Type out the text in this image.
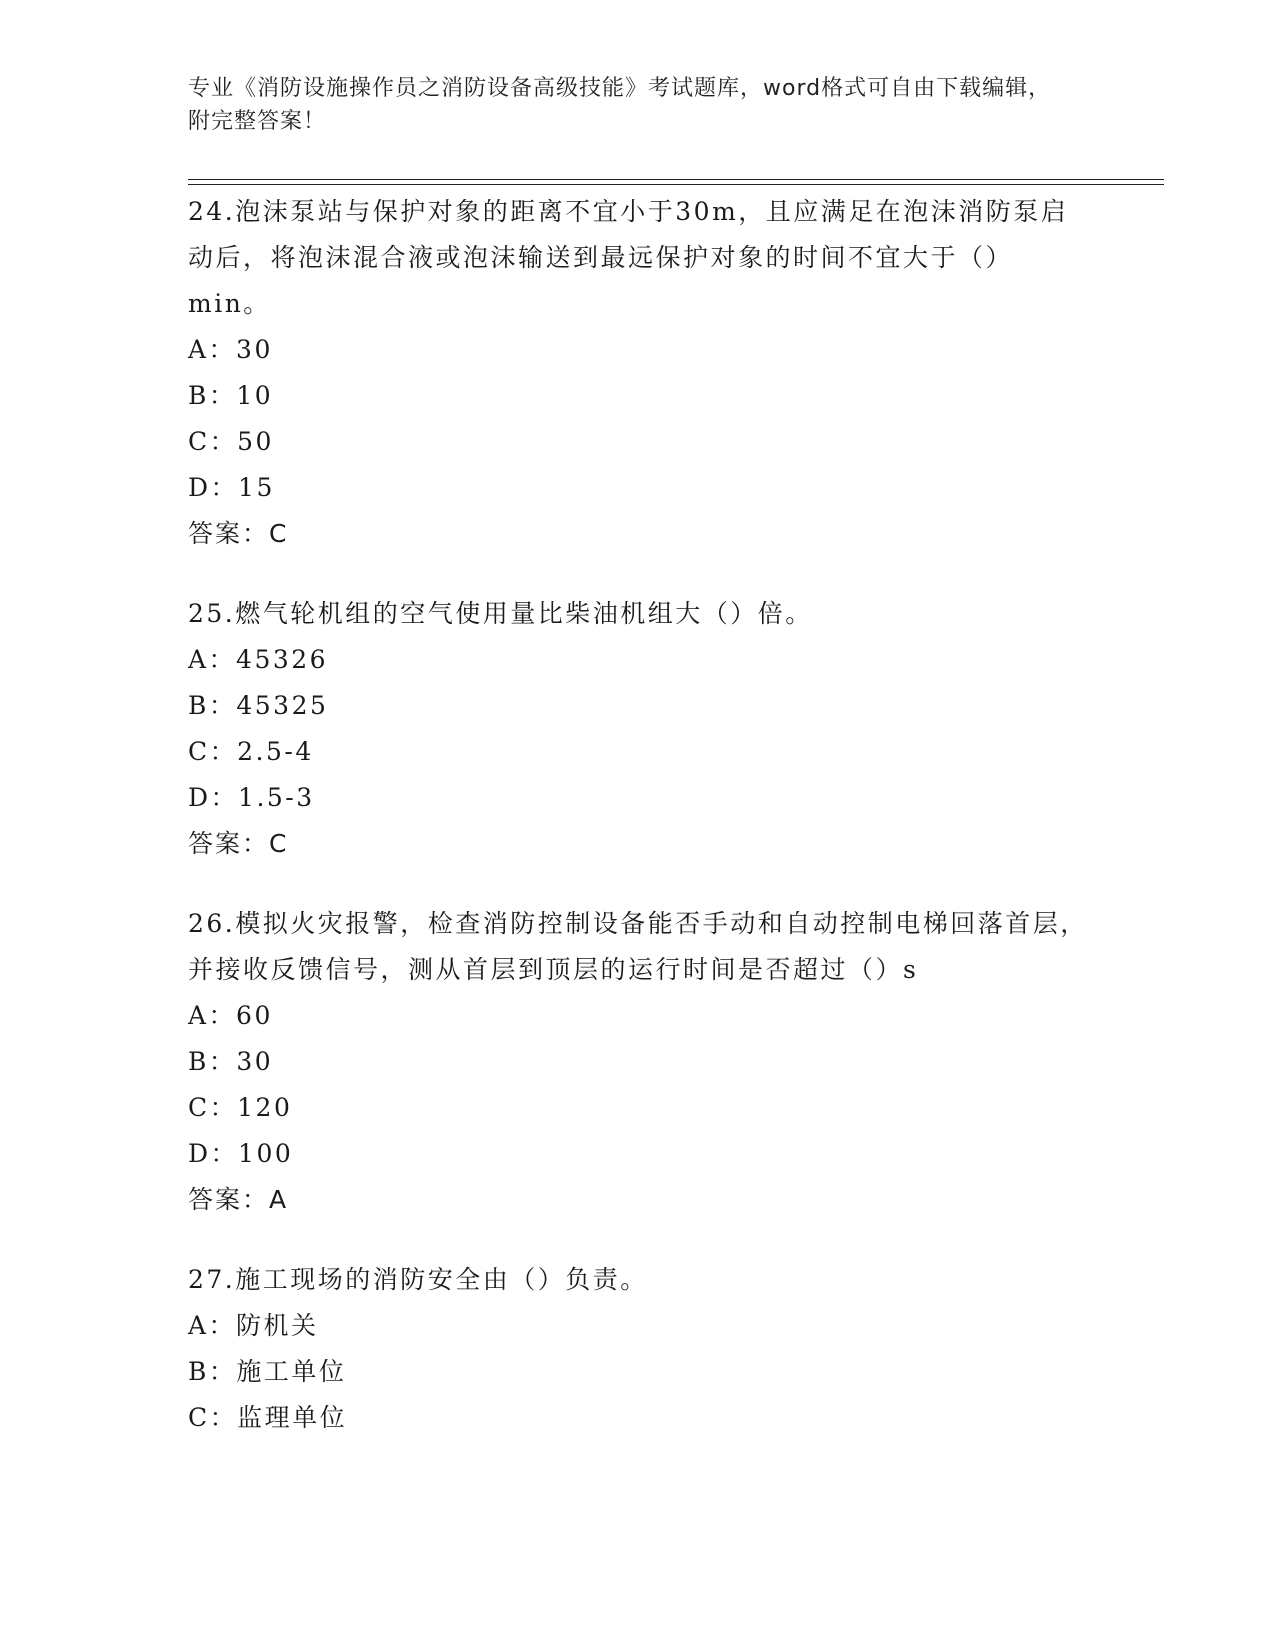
专业《消防设施操作员之消防设备高级技能》考试题库，word格式可自由下载编辑，附完整答案！

24.泡沫泵站与保护对象的距离不宜小于30m，且应满足在泡沫消防泵启动后，将泡沫混合液或泡沫输送到最远保护对象的时间不宜大于（）min。

A：30

B：10

C：50

D：15

答案：C

25.燃气轮机组的空气使用量比柴油机组大（）倍。

A：45326

B：45325

C：2.5-4

D：1.5-3

答案：C

26.模拟火灾报警，检查消防控制设备能否手动和自动控制电梯回落首层，并接收反馈信号，测从首层到顶层的运行时间是否超过（）s

A：60

B：30

C：120

D：100

答案：A

27.施工现场的消防安全由（）负责。

A：防机关

B：施工单位

C：监理单位
